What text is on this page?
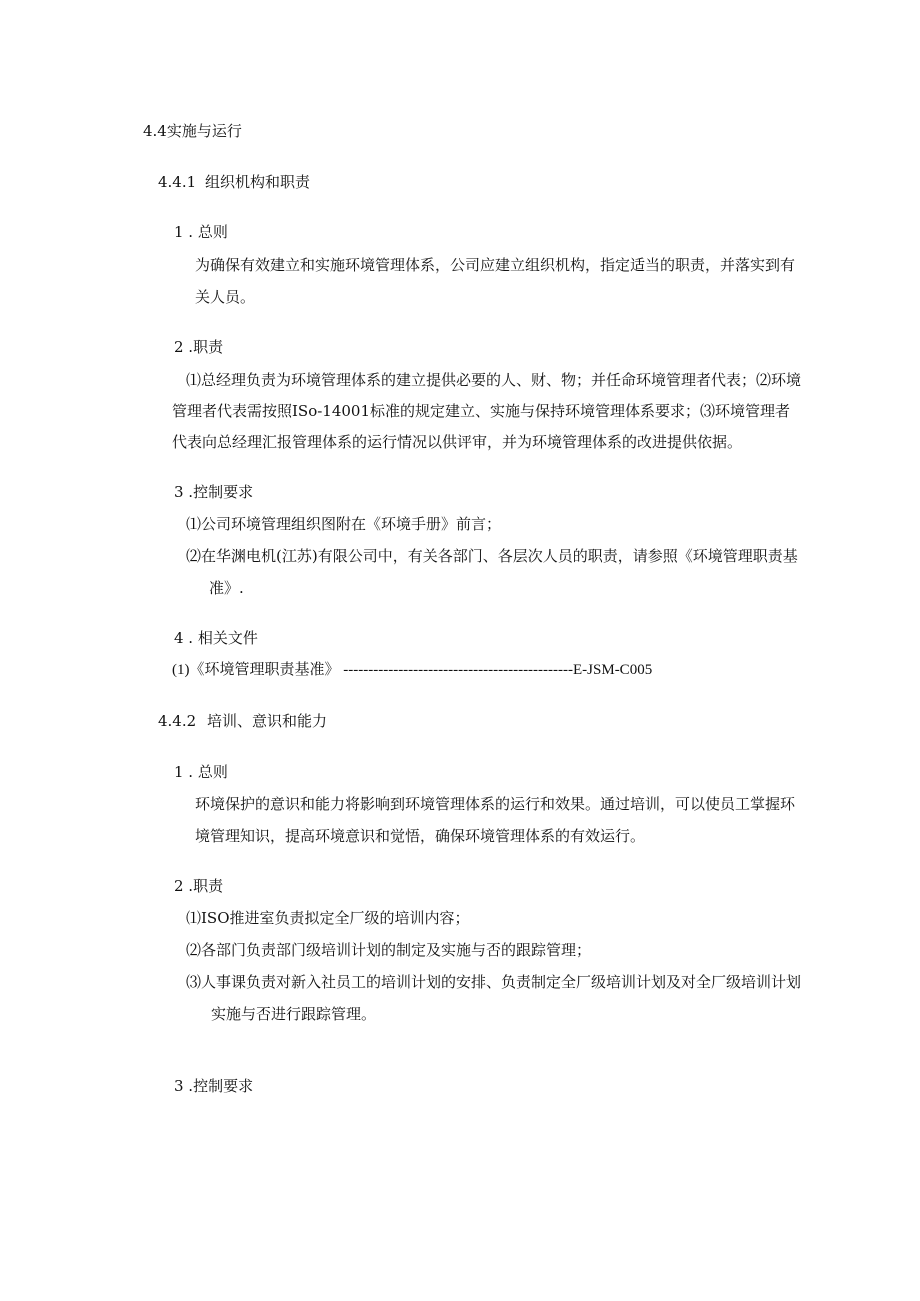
4.4实施与运行
4.4.1 组织机构和职责
1 . 总则
为确保有效建立和实施环境管理体系，公司应建立组织机构，指定适当的职责，并落实到有
关人员。
2 .职责
⑴总经理负责为环境管理体系的建立提供必要的人、财、物；并任命环境管理者代表；⑵环境
管理者代表需按照ISo-14001标准的规定建立、实施与保持环境管理体系要求；⑶环境管理者
代表向总经理汇报管理体系的运行情况以供评审，并为环境管理体系的改进提供依据。
3 .控制要求
⑴公司环境管理组织图附在《环境手册》前言；
⑵在华渊电机(江苏)有限公司中，有关各部门、各层次人员的职责，请参照《环境管理职责基
准》.
4 . 相关文件
(1)《环境管理职责基准》 ----------------------------------------------E-JSM-C005
4.4.2 培训、意识和能力
1 . 总则
环境保护的意识和能力将影响到环境管理体系的运行和效果。通过培训，可以使员工掌握环
境管理知识，提高环境意识和觉悟，确保环境管理体系的有效运行。
2 .职责
⑴ISO推进室负责拟定全厂级的培训内容；
⑵各部门负责部门级培训计划的制定及实施与否的跟踪管理；
⑶人事课负责对新入社员工的培训计划的安排、负责制定全厂级培训计划及对全厂级培训计划
实施与否进行跟踪管理。
3 .控制要求
